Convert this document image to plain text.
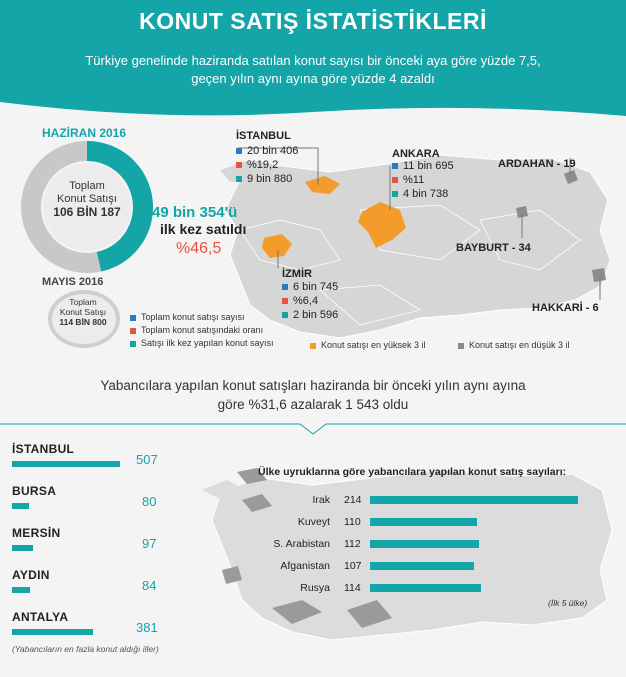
KONUT SATIŞ İSTATİSTİKLERİ
Türkiye genelinde haziranda satılan konut sayısı bir önceki aya göre yüzde 7,5,
geçen yılın aynı ayına göre yüzde 4 azaldı
HAZİRAN 2016
Toplam
Konut Satışı
106 BİN 187	49 bin 354'ü
ilk kez satıldı
%46,5
MAYIS 2016
Toplam
Konut Satışı
114 BİN 800
İSTANBUL
20 bin 406
%19,2
9 bin 880
ANKARA
11 bin 695
%11
4 bin 738
İZMİR
6 bin 745
%6,4
2 bin 596
ARDAHAN - 19
BAYBURT - 34
HAKKARİ - 6
Toplam konut satışı sayısı
Toplam konut satışındaki oranı
Satışı ilk kez yapılan konut sayısı	Konut satışı en yüksek 3 il	Konut satışı en düşük 3 il
Yabancılara yapılan konut satışları haziranda bir önceki yılın aynı ayına
göre %31,6 azalarak 1 543 oldu
İSTANBUL
507
BURSA
80
MERSİN
97
AYDIN
84
ANTALYA
381
(Yabancıların en fazla konut aldığı iller)
Ülke uyruklarına göre yabancılara yapılan konut satış sayıları:
Irak 214
Kuveyt 110
S. Arabistan 112
Afganistan 107
Rusya 114
(İlk 5 ülke)
